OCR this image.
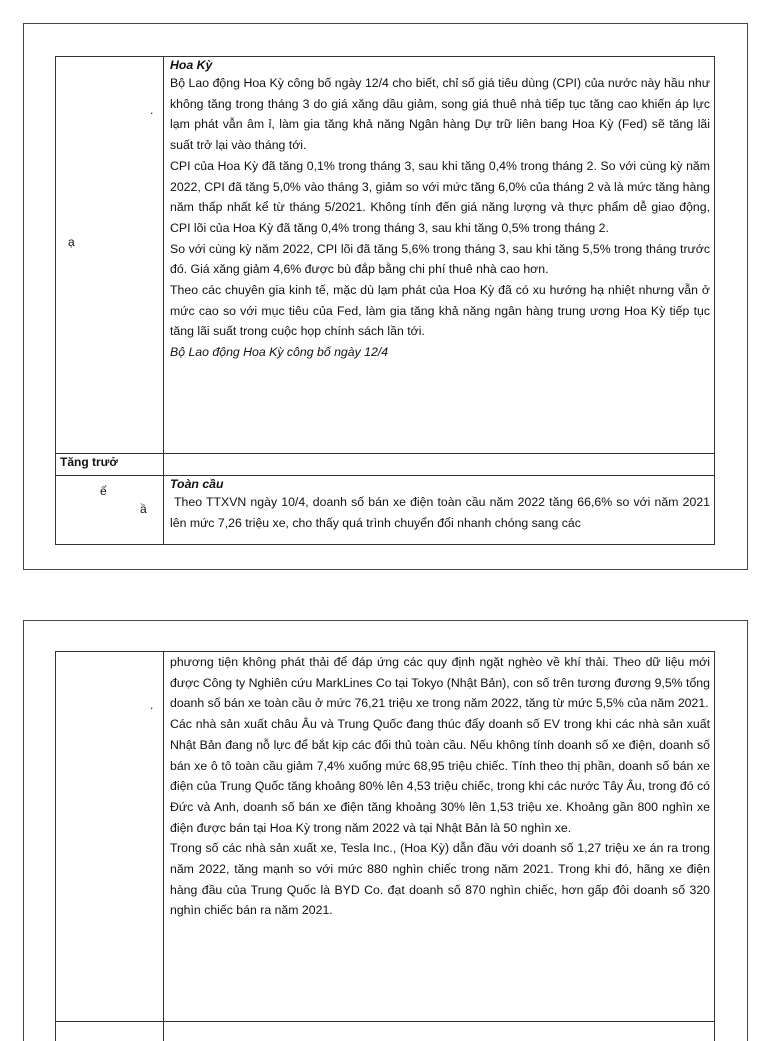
.
ạ

Hoa Kỳ

Bộ Lao động Hoa Kỳ công bố ngày 12/4 cho biết, chỉ số giá tiêu dùng (CPI) của nước này hầu như không tăng trong tháng 3 do giá xăng dầu giảm, song giá thuê nhà tiếp tục tăng cao khiến áp lực lạm phát vẫn âm ỉ, làm gia tăng khả năng Ngân hàng Dự trữ liên bang Hoa Kỳ (Fed) sẽ tăng lãi suất trở lại vào tháng tới.

CPI của Hoa Kỳ đã tăng 0,1% trong tháng 3, sau khi tăng 0,4% trong tháng 2. So với cùng kỳ năm 2022, CPI đã tăng 5,0% vào tháng 3, giảm so với mức tăng 6,0% của tháng 2 và là mức tăng hàng năm thấp nhất kể từ tháng 5/2021. Không tính đến giá năng lượng và thực phẩm dễ giao động, CPI lõi của Hoa Kỳ đã tăng 0,4% trong tháng 3, sau khi tăng 0,5% trong tháng 2.

So với cùng kỳ năm 2022, CPI lõi đã tăng 5,6% trong tháng 3, sau khi tăng 5,5% trong tháng trước đó. Giá xăng giảm 4,6% được bù đắp bằng chi phí thuê nhà cao hơn.

Theo các chuyên gia kinh tế, mặc dù lạm phát của Hoa Kỳ đã có xu hướng hạ nhiệt nhưng vẫn ở mức cao so với mục tiêu của Fed, làm gia tăng khả năng ngân hàng trung ương Hoa Kỳ tiếp tục tăng lãi suất trong cuộc họp chính sách lần tới.

Bộ Lao động Hoa Kỳ công bố ngày 12/4

Tăng trưở
ế
ầ

Toàn cầu

Theo TTXVN ngày 10/4, doanh số bán xe điện toàn cầu năm 2022 tăng 66,6% so với năm 2021 lên mức 7,26 triệu xe, cho thấy quá trình chuyển đổi nhanh chóng sang các

.

phương tiện không phát thải để đáp ứng các quy định ngặt nghèo về khí thải. Theo dữ liệu mới được Công ty Nghiên cứu MarkLines Co tại Tokyo (Nhật Bản), con số trên tương đương 9,5% tổng doanh số bán xe toàn cầu ở mức 76,21 triệu xe trong năm 2022, tăng từ mức 5,5% của năm 2021.

Các nhà sản xuất châu Âu và Trung Quốc đang thúc đẩy doanh số EV trong khi các nhà sản xuất Nhật Bản đang nỗ lực để bắt kịp các đối thủ toàn cầu. Nếu không tính doanh số xe điện, doanh số bán xe ô tô toàn cầu giảm 7,4% xuống mức 68,95 triệu chiếc. Tính theo thị phần, doanh số bán xe điện của Trung Quốc tăng khoảng 80% lên 4,53 triệu chiếc, trong khi các nước Tây Âu, trong đó có Đức và Anh, doanh số bán xe điện tăng khoảng 30% lên 1,53 triệu xe. Khoảng gần 800 nghìn xe điện được bán tại Hoa Kỳ trong năm 2022 và tại Nhật Bản là 50 nghìn xe.

Trong số các nhà sản xuất xe, Tesla Inc., (Hoa Kỳ) dẫn đầu với doanh số 1,27 triệu xe án ra trong năm 2022, tăng mạnh so với mức 880 nghìn chiếc trong năm 2021. Trong khi đó, hãng xe điện hàng đầu của Trung Quốc là BYD Co. đạt doanh số 870 nghìn chiếc, hơn gấp đôi doanh số 320 nghìn chiếc bán ra năm 2021.
